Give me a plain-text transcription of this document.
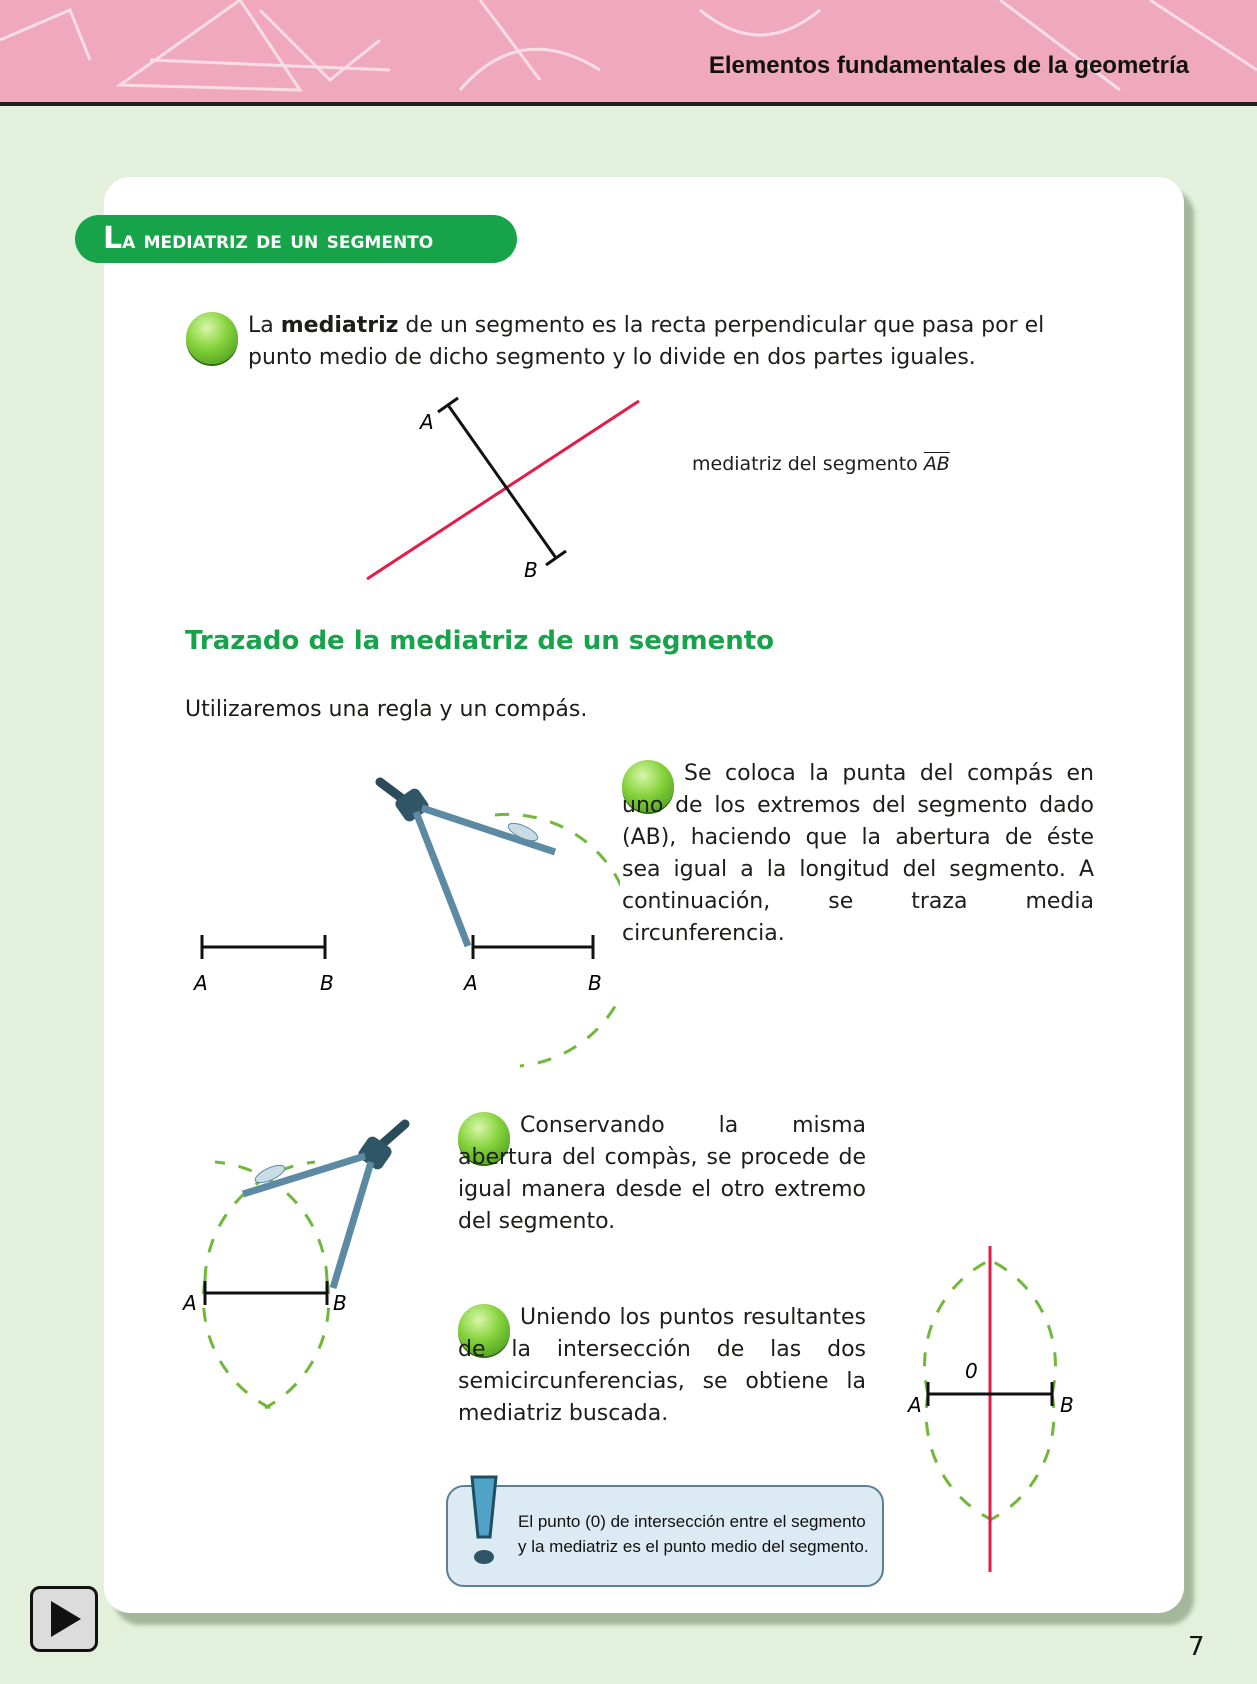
Elementos fundamentales de la geometría
La mediatriz de un segmento
La mediatriz de un segmento es la recta perpendicular que pasa por el punto medio de dicho segmento y lo divide en dos partes iguales.
A
B
mediatriz del segmento $\overline{AB}$
Trazado de la mediatriz de un segmento
Utilizaremos una regla y un compás.
A	B	A	B
Se coloca la punta del compás en uno de los extremos del segmento dado (AB), haciendo que la abertura de éste sea igual a la longitud del segmento. A continuación, se traza media circunferencia.
A	B
Conservando la misma abertura del compàs, se procede de igual manera desde el otro extremo del segmento.
Uniendo los puntos resultantes de la intersección de las dos semicircunferencias, se obtiene la mediatriz buscada.	A	B
0
El punto (0) de intersección entre el segmento
y la mediatriz es el punto medio del segmento.
7
